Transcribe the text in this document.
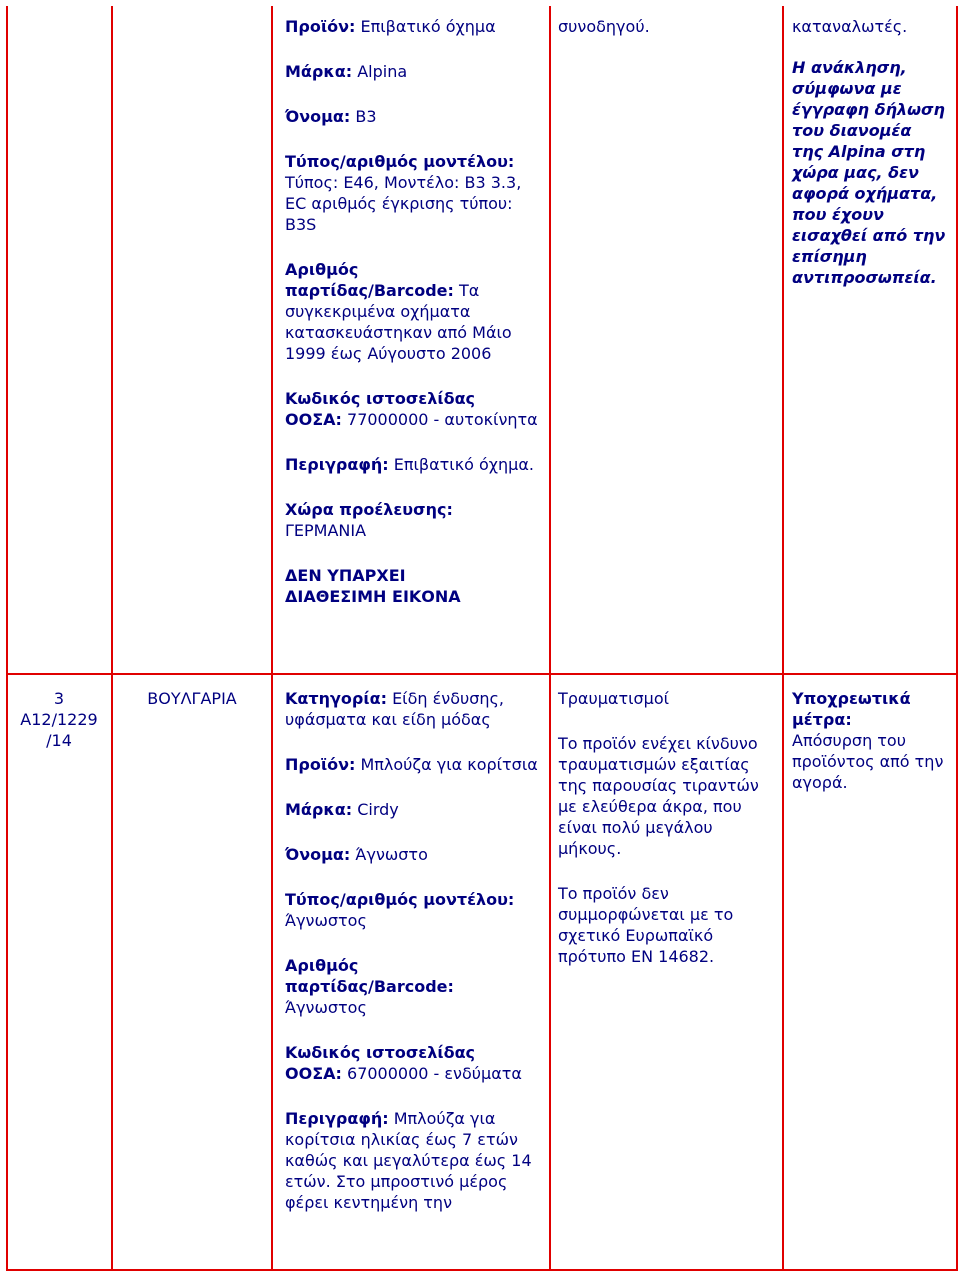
Προϊόν: Επιβατικό όχημα

Μάρκα: Alpina

Όνομα: B3

Τύπος/αριθμός μοντέλου:
Τύπος: E46, Μοντέλο: B3 3.3, EC αριθμός έγκρισης τύπου: B3S

Αριθμός
παρτίδας/Barcode: Τα συγκεκριμένα οχήματα κατασκευάστηκαν από Μάιο 1999 έως Αύγουστο 2006

Κωδικός ιστοσελίδας
ΟΟΣΑ: 77000000 - αυτοκίνητα

Περιγραφή: Επιβατικό όχημα.

Χώρα προέλευσης:
ΓΕΡΜΑΝΙΑ

ΔΕΝ ΥΠΑΡΧΕΙ
ΔΙΑΘΕΣΙΜΗ ΕΙΚΟΝΑ

συνοδηγού.	καταναλωτές.

Η ανάκληση, σύμφωνα με έγγραφη δήλωση του διανομέα της Alpina στη χώρα μας, δεν αφορά οχήματα, που έχουν εισαχθεί από την επίσημη αντιπροσωπεία.

3
A12/1229
/14
ΒΟΥΛΓΑΡΙΑ	Κατηγορία: Είδη ένδυσης, υφάσματα και είδη μόδας

Προϊόν: Μπλούζα για κορίτσια

Μάρκα: Cirdy

Όνομα: Άγνωστο

Τύπος/αριθμός μοντέλου:
Άγνωστος

Αριθμός
παρτίδας/Barcode:
Άγνωστος

Κωδικός ιστοσελίδας
ΟΟΣΑ: 67000000 - ενδύματα

Περιγραφή: Μπλούζα για κορίτσια ηλικίας έως 7 ετών καθώς και μεγαλύτερα έως 14 ετών. Στο μπροστινό μέρος φέρει κεντημένη την

Τραυματισμοί

Το προϊόν ενέχει κίνδυνο τραυματισμών εξαιτίας της παρουσίας τιραντών με ελεύθερα άκρα, που είναι πολύ μεγάλου μήκους.

Το προϊόν δεν συμμορφώνεται με το σχετικό Ευρωπαϊκό πρότυπο EN 14682.

Υποχρεωτικά
μέτρα:
Απόσυρση του προϊόντος από την αγορά.
